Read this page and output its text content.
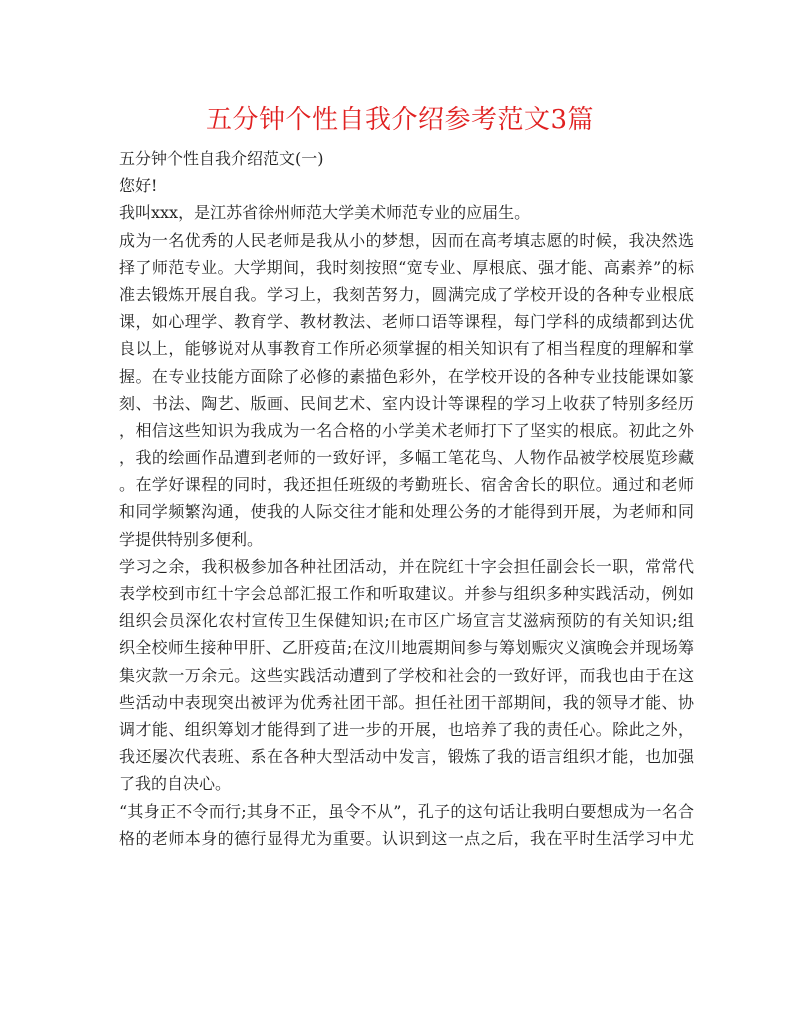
五分钟个性自我介绍参考范文3篇
五分钟个性自我介绍范文(一)
您好!
我叫xxx，是江苏省徐州师范大学美术师范专业的应届生。
成为一名优秀的人民老师是我从小的梦想，因而在高考填志愿的时候，我决然选
择了师范专业。大学期间，我时刻按照“宽专业、厚根底、强才能、高素养”的标
准去锻炼开展自我。学习上，我刻苦努力，圆满完成了学校开设的各种专业根底
课，如心理学、教育学、教材教法、老师口语等课程，每门学科的成绩都到达优
良以上，能够说对从事教育工作所必须掌握的相关知识有了相当程度的理解和掌
握。在专业技能方面除了必修的素描色彩外，在学校开设的各种专业技能课如篆
刻、书法、陶艺、版画、民间艺术、室内设计等课程的学习上收获了特别多经历
，相信这些知识为我成为一名合格的小学美术老师打下了坚实的根底。初此之外
，我的绘画作品遭到老师的一致好评，多幅工笔花鸟、人物作品被学校展览珍藏
。在学好课程的同时，我还担任班级的考勤班长、宿舍舍长的职位。通过和老师
和同学频繁沟通，使我的人际交往才能和处理公务的才能得到开展，为老师和同
学提供特别多便利。
学习之余，我积极参加各种社团活动，并在院红十字会担任副会长一职，常常代
表学校到市红十字会总部汇报工作和听取建议。并参与组织多种实践活动，例如
组织会员深化农村宣传卫生保健知识;在市区广场宣言艾滋病预防的有关知识;组
织全校师生接种甲肝、乙肝疫苗;在汶川地震期间参与筹划赈灾义演晚会并现场筹
集灾款一万余元。这些实践活动遭到了学校和社会的一致好评，而我也由于在这
些活动中表现突出被评为优秀社团干部。担任社团干部期间，我的领导才能、协
调才能、组织筹划才能得到了进一步的开展，也培养了我的责任心。除此之外，
我还屡次代表班、系在各种大型活动中发言，锻炼了我的语言组织才能，也加强
了我的自决心。
“其身正不令而行;其身不正，虽令不从”，孔子的这句话让我明白要想成为一名合
格的老师本身的德行显得尤为重要。认识到这一点之后，我在平时生活学习中尤
